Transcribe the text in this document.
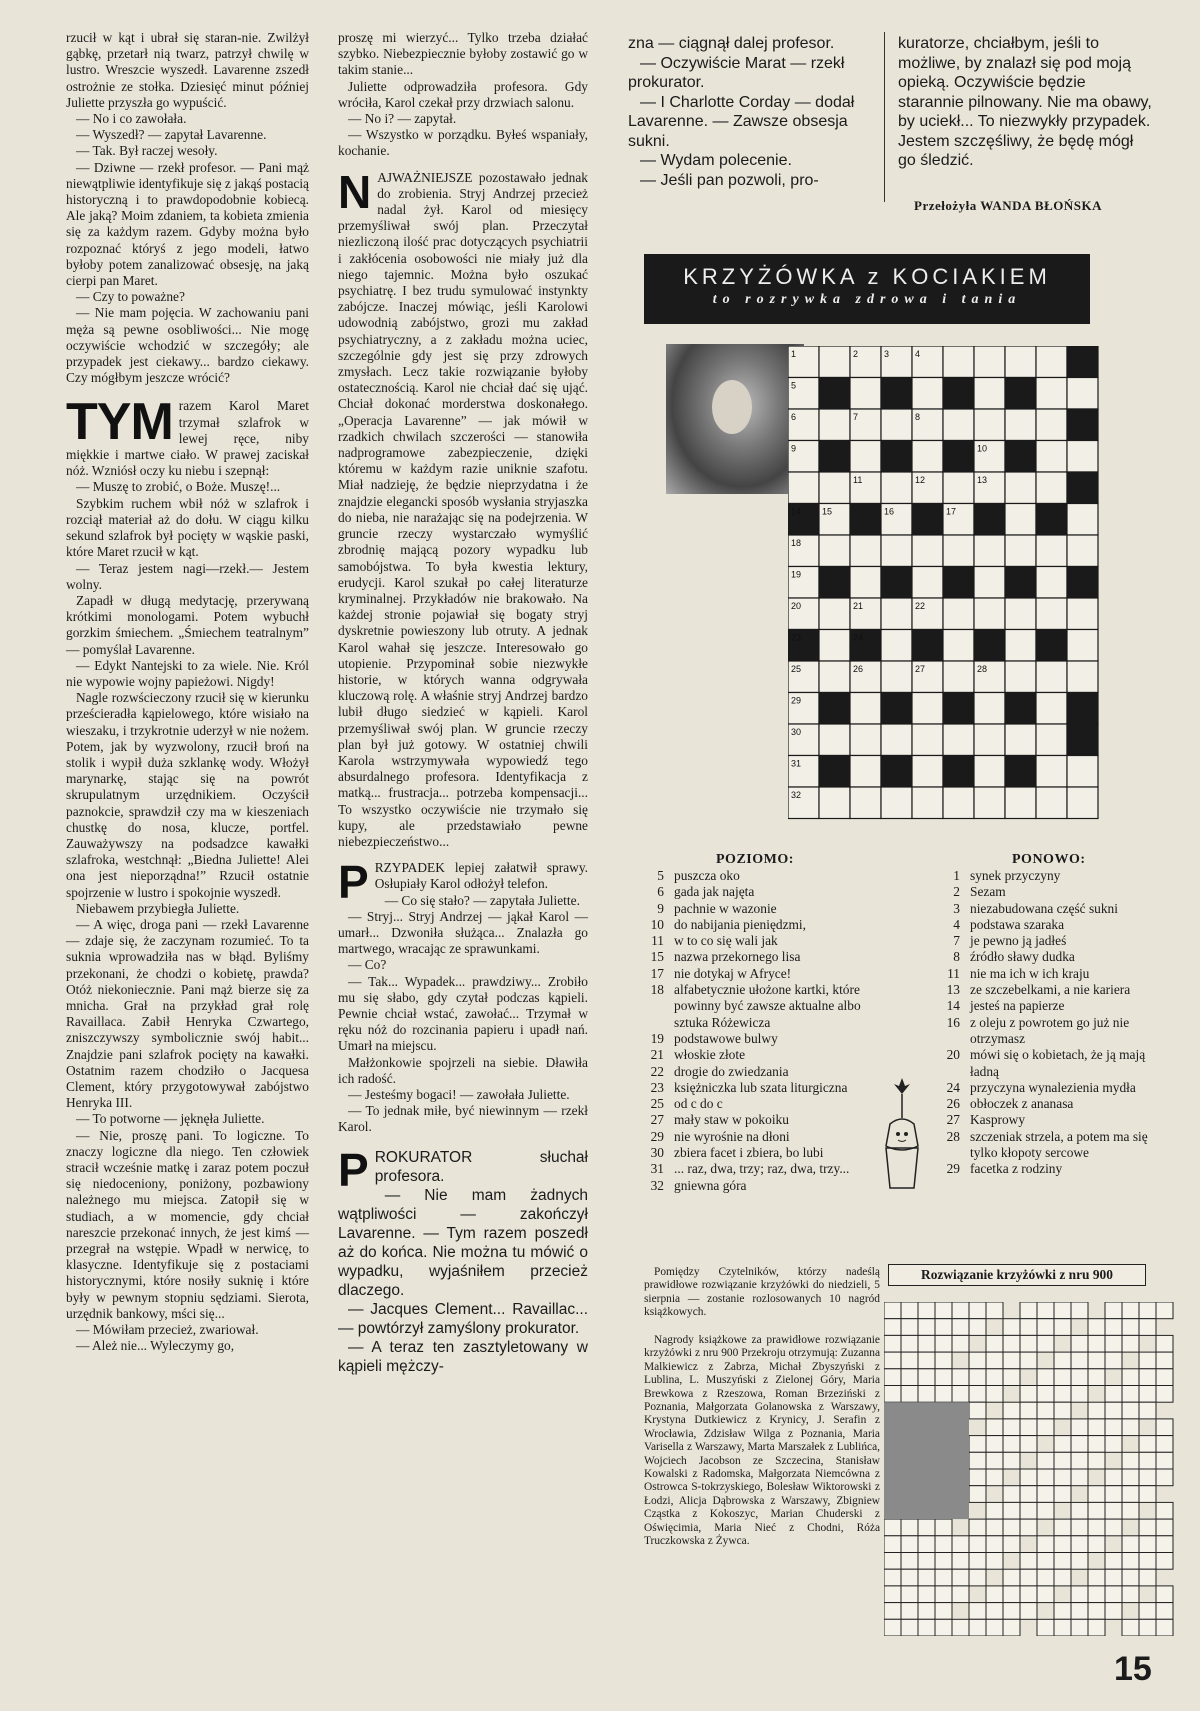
rzucił w kąt i ubrał się staran-nie. Zwilżył gąbkę, przetarł nią twarz, patrzył chwilę w lustro. Wreszcie wyszedł. Lavarenne zszedł ostrożnie ze stołka. Dziesięć minut później Juliette przyszła go wypuścić.

— No i co zawołała.

— Wyszedł? — zapytał Lavarenne.

— Tak. Był raczej wesoły.

— Dziwne — rzekł profesor. — Pani mąż niewątpliwie identyfikuje się z jakąś postacią historyczną i to prawdopodobnie kobiecą. Ale jaką? Moim zdaniem, ta kobieta zmienia się za każdym razem. Gdyby można było rozpoznać któryś z jego modeli, łatwo byłoby potem zanalizować obsesję, na jaką cierpi pan Maret.

— Czy to poważne?

— Nie mam pojęcia. W zachowaniu pani męża są pewne osobliwości... Nie mogę oczywiście wchodzić w szczegóły; ale przypadek jest ciekawy... bardzo ciekawy. Czy mógłbym jeszcze wrócić?

TYM razem Karol Maret trzymał szlafrok w lewej ręce, niby miękkie i martwe ciało. W prawej zaciskał nóż. Wzniósł oczy ku niebu i szepnął:

— Muszę to zrobić, o Boże. Muszę!...

Szybkim ruchem wbił nóż w szlafrok i rozciął materiał aż do dołu. W ciągu kilku sekund szlafrok był pocięty w wąskie paski, które Maret rzucił w kąt.

— Teraz jestem nagi—rzekł.— Jestem wolny.

Zapadł w długą medytację, przerywaną krótkimi monologami. Potem wybuchł gorzkim śmiechem. „Śmiechem teatralnym” — pomyślał Lavarenne.

— Edykt Nantejski to za wiele. Nie. Król nie wypowie wojny papieżowi. Nigdy!

Nagle rozwścieczony rzucił się w kierunku prześcieradła kąpielowego, które wisiało na wieszaku, i trzykrotnie uderzył w nie nożem. Potem, jak by wyzwolony, rzucił broń na stolik i wypił duża szklankę wody. Włożył marynarkę, stając się na powrót skrupulatnym urzędnikiem. Oczyścił paznokcie, sprawdził czy ma w kieszeniach chustkę do nosa, klucze, portfel. Zauważywszy na podsadzce kawałki szlafroka, westchnął: „Biedna Juliette! Alei ona jest nieporządna!” Rzucił ostatnie spojrzenie w lustro i spokojnie wyszedł.

Niebawem przybiegła Juliette.

— A więc, droga pani — rzekł Lavarenne — zdaje się, że zaczynam rozumieć. To ta suknia wprowadziła nas w błąd. Byliśmy przekonani, że chodzi o kobietę, prawda? Otóż niekoniecznie. Pani mąż bierze się za mnicha. Grał na przykład grał rolę Ravaillaca. Zabił Henryka Czwartego, zniszczywszy symbolicznie swój habit... Znajdzie pani szlafrok pocięty na kawałki. Ostatnim razem chodziło o Jacquesa Clement, który przygotowywał zabójstwo Henryka III.

— To potworne — jęknęła Juliette.

— Nie, proszę pani. To logiczne. To znaczy logiczne dla niego. Ten człowiek stracił wcześnie matkę i zaraz potem poczuł się niedoceniony, poniżony, pozbawiony należnego mu miejsca. Zatopił się w studiach, a w momencie, gdy chciał nareszcie przekonać innych, że jest kimś — przegrał na wstępie. Wpadł w nerwicę, to klasyczne. Identyfikuje się z postaciami historycznymi, które nosiły suknię i które były w pewnym stopniu sędziami. Sierota, urzędnik bankowy, mści się...

— Mówiłam przecież, zwariował.

— Ależ nie... Wyleczymy go,

proszę mi wierzyć... Tylko trzeba działać szybko. Niebezpiecznie byłoby zostawić go w takim stanie...

Juliette odprowadziła profesora. Gdy wróciła, Karol czekał przy drzwiach salonu.

— No i? — zapytał.

— Wszystko w porządku. Byłeś wspaniały, kochanie.

N AJWAŻNIEJSZE pozostawało jednak do zrobienia. Stryj Andrzej przecież nadal żył. Karol od miesięcy przemyśliwał swój plan. Przeczytał niezliczoną ilość prac dotyczących psychiatrii i zakłócenia osobowości nie miały już dla niego tajemnic. Można było oszukać psychiatrę. I bez trudu symulować instynkty zabójcze. Inaczej mówiąc, jeśli Karolowi udowodnią zabójstwo, grozi mu zakład psychiatryczny, a z zakładu można uciec, szczególnie gdy jest się przy zdrowych zmysłach. Lecz takie rozwiązanie byłoby ostatecznością. Karol nie chciał dać się ująć. Chciał dokonać morderstwa doskonałego. „Operacja Lavarenne” — jak mówił w rzadkich chwilach szczerości — stanowiła nadprogramowe zabezpieczenie, dzięki któremu w każdym razie uniknie szafotu. Miał nadzieję, że będzie nieprzydatna i że znajdzie elegancki sposób wysłania stryjaszka do nieba, nie narażając się na podejrzenia. W gruncie rzeczy wystarczało wymyślić zbrodnię mającą pozory wypadku lub samobójstwa. To była kwestia lektury, erudycji. Karol szukał po całej literaturze kryminalnej. Przykładów nie brakowało. Na każdej stronie pojawiał się bogaty stryj dyskretnie powieszony lub otruty. A jednak Karol wahał się jeszcze. Interesowało go utopienie. Przypominał sobie niezwykłe historie, w których wanna odgrywała kluczową rolę. A właśnie stryj Andrzej bardzo lubił długo siedzieć w kąpieli. Karol przemyśliwał swój plan. W gruncie rzeczy plan był już gotowy. W ostatniej chwili Karola wstrzymywała wypowiedź tego absurdalnego profesora. Identyfikacja z matką... frustracja... potrzeba kompensacji... To wszystko oczywiście nie trzymało się kupy, ale przedstawiało pewne niebezpieczeństwo...

P RZYPADEK lepiej załatwił sprawy. Osłupiały Karol odłożył telefon.

— Co się stało? — zapytała Juliette.

— Stryj... Stryj Andrzej — jąkał Karol — umarł... Dzwoniła służąca... Znalazła go martwego, wracając ze sprawunkami.

— Co?

— Tak... Wypadek... prawdziwy... Zrobiło mu się słabo, gdy czytał podczas kąpieli. Pewnie chciał wstać, zawołać... Trzymał w ręku nóż do rozcinania papieru i upadł nań. Umarł na miejscu.

Małżonkowie spojrzeli na siebie. Dławiła ich radość.

— Jesteśmy bogaci! — zawołała Juliette.

— To jednak miłe, być niewinnym — rzekł Karol.

P ROKURATOR słuchał profesora.

— Nie mam żadnych wątpliwości — zakończył Lavarenne. — Tym razem poszedł aż do końca. Nie można tu mówić o wypadku, wyjaśniłem przecież dlaczego.

— Jacques Clement... Ravaillac... — powtórzył zamyślony prokurator.

— A teraz ten zasztyletowany w kąpieli mężczy-

zna — ciągnął dalej profesor.

— Oczywiście Marat — rzekł prokurator.

— I Charlotte Corday — dodał Lavarenne. — Zawsze obsesja sukni.

— Wydam polecenie.

— Jeśli pan pozwoli, pro-

kuratorze, chciałbym, jeśli to możliwe, by znalazł się pod moją opieką. Oczywiście będzie starannie pilnowany. Nie ma obawy, by uciekł... To niezwykły przypadek. Jestem szczęśliwy, że będę mógł go śledzić.

Przełożyła WANDA BŁOŃSKA
KRZYŻÓWKA z KOCIAKIEM
to rozrywka zdrowa i tania
1	2	3	4
5
6	7	8
9	10
11	12	13
14 15	16	17
18
19
20	21	22
23	24
25	26	27	28
29
30
31
32
POZIOMO:	PONOWO:
5 puszcza oko
6 gada jak najęta
9 pachnie w wazonie
10 do nabijania pieniędzmi,
11 w to co się wali jak
15 nazwa przekornego lisa
17 nie dotykaj w Afryce!
18 alfabetycznie ułożone kartki, które powinny być zawsze aktualne albo sztuka Różewicza
19 podstawowe bulwy
21 włoskie złote
22 drogie do zwiedzania
23 księżniczka lub szata liturgiczna
25 od c do c
27 mały staw w pokoiku
29 nie wyrośnie na dłoni
30 zbiera facet i zbiera, bo lubi
31 ... raz, dwa, trzy; raz, dwa, trzy...
32 gniewna góra
1 synek przyczyny
2 Sezam
3 niezabudowana część sukni
4 podstawa szaraka
7 je pewno ją jadłeś
8 źródło sławy dudka
11 nie ma ich w ich kraju
13 ze szczebelkami, a nie kariera
14 jesteś na papierze
16 z oleju z powrotem go już nie otrzymasz
20 mówi się o kobietach, że ją mają ładną
24 przyczyna wynalezienia mydła
26 obłoczek z ananasa
27 Kasprowy
28 szczeniak strzela, a potem ma się tylko kłopoty sercowe
29 facetka z rodziny

Pomiędzy Czytelników, którzy nadeślą prawidłowe rozwiązanie krzyżówki do niedzieli, 5 sierpnia — zostanie rozlosowanych 10 nagród książkowych.

Nagrody książkowe za prawidłowe rozwiązanie krzyżówki z nru 900 Przekroju otrzymują: Zuzanna Malkiewicz z Zabrza, Michał Zbyszyński z Lublina, L. Muszyński z Zielonej Góry, Maria Brewkowa z Rzeszowa, Roman Brzeziński z Poznania, Małgorzata Golanowska z Warszawy, Krystyna Dutkiewicz z Krynicy, J. Serafin z Wrocławia, Zdzisław Wilga z Poznania, Maria Varisella z Warszawy, Marta Marszałek z Lublińca, Wojciech Jacobson ze Szczecina, Stanisław Kowalski z Radomska, Małgorzata Niemcówna z Ostrowca S-tokrzyskiego, Bolesław Wiktorowski z Łodzi, Alicja Dąbrowska z Warszawy, Zbigniew Cząstka z Kokoszyc, Marian Chuderski z Oświęcimia, Maria Nieć z Chodni, Róża Truczkowska z Żywca.

Rozwiązanie krzyżówki z nru 900
15
